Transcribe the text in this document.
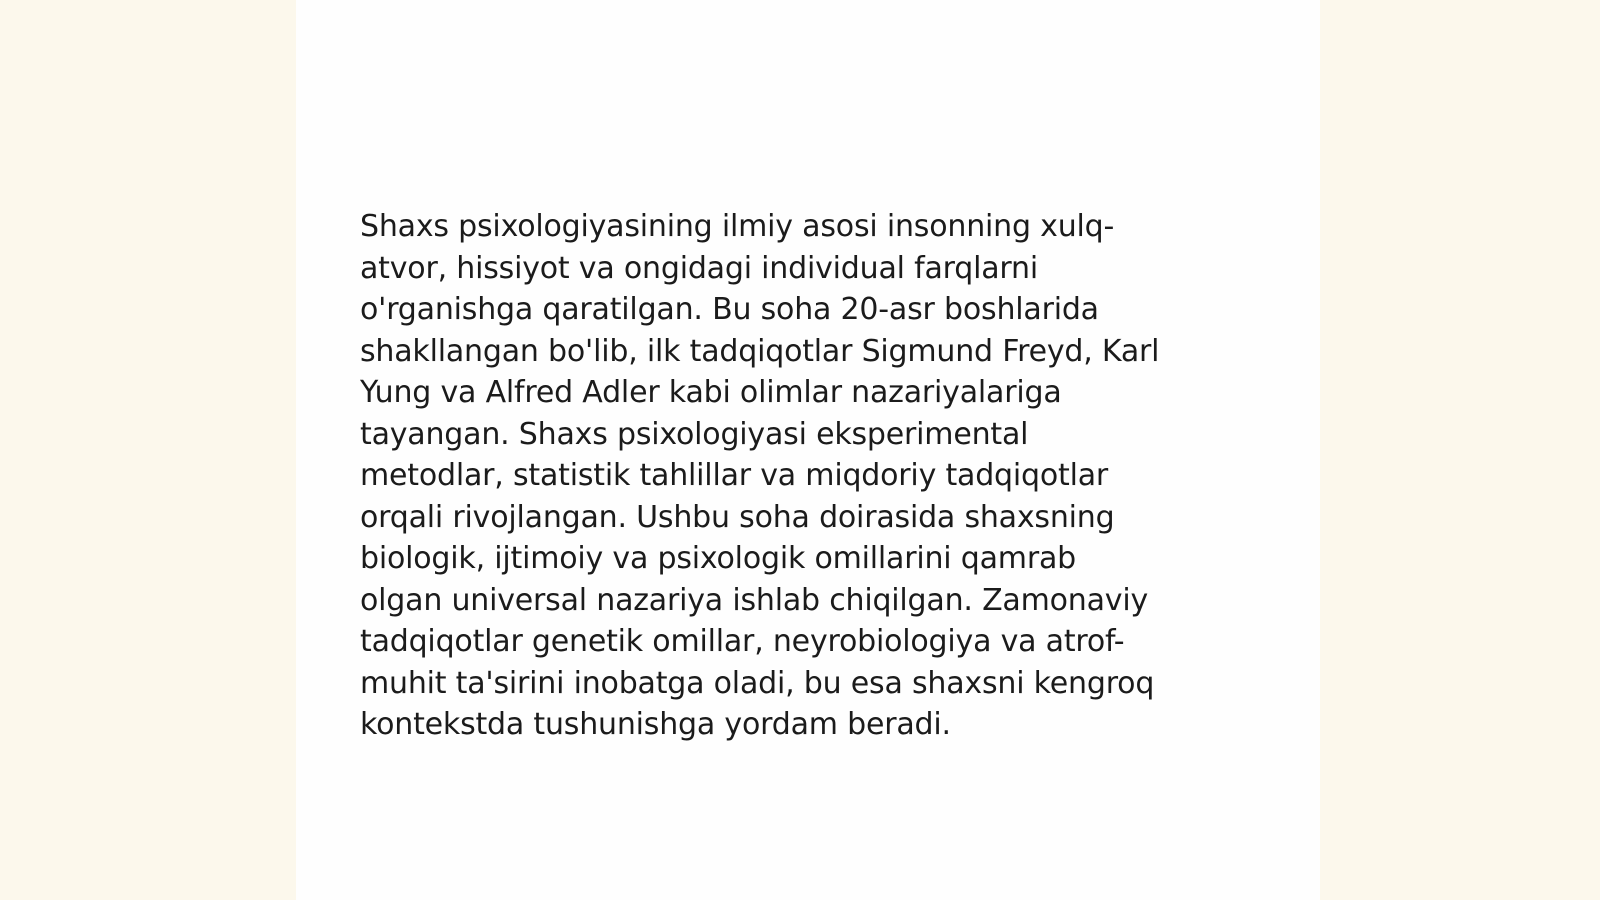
Shaxs psixologiyasining ilmiy asosi insonning xulq-
atvor, hissiyot va ongidagi individual farqlarni
o'rganishga qaratilgan. Bu soha 20-asr boshlarida
shakllangan bo'lib, ilk tadqiqotlar Sigmund Freyd, Karl
Yung va Alfred Adler kabi olimlar nazariyalariga
tayangan. Shaxs psixologiyasi eksperimental
metodlar, statistik tahlillar va miqdoriy tadqiqotlar
orqali rivojlangan. Ushbu soha doirasida shaxsning
biologik, ijtimoiy va psixologik omillarini qamrab
olgan universal nazariya ishlab chiqilgan. Zamonaviy
tadqiqotlar genetik omillar, neyrobiologiya va atrof-
muhit ta'sirini inobatga oladi, bu esa shaxsni kengroq
kontekstda tushunishga yordam beradi.
